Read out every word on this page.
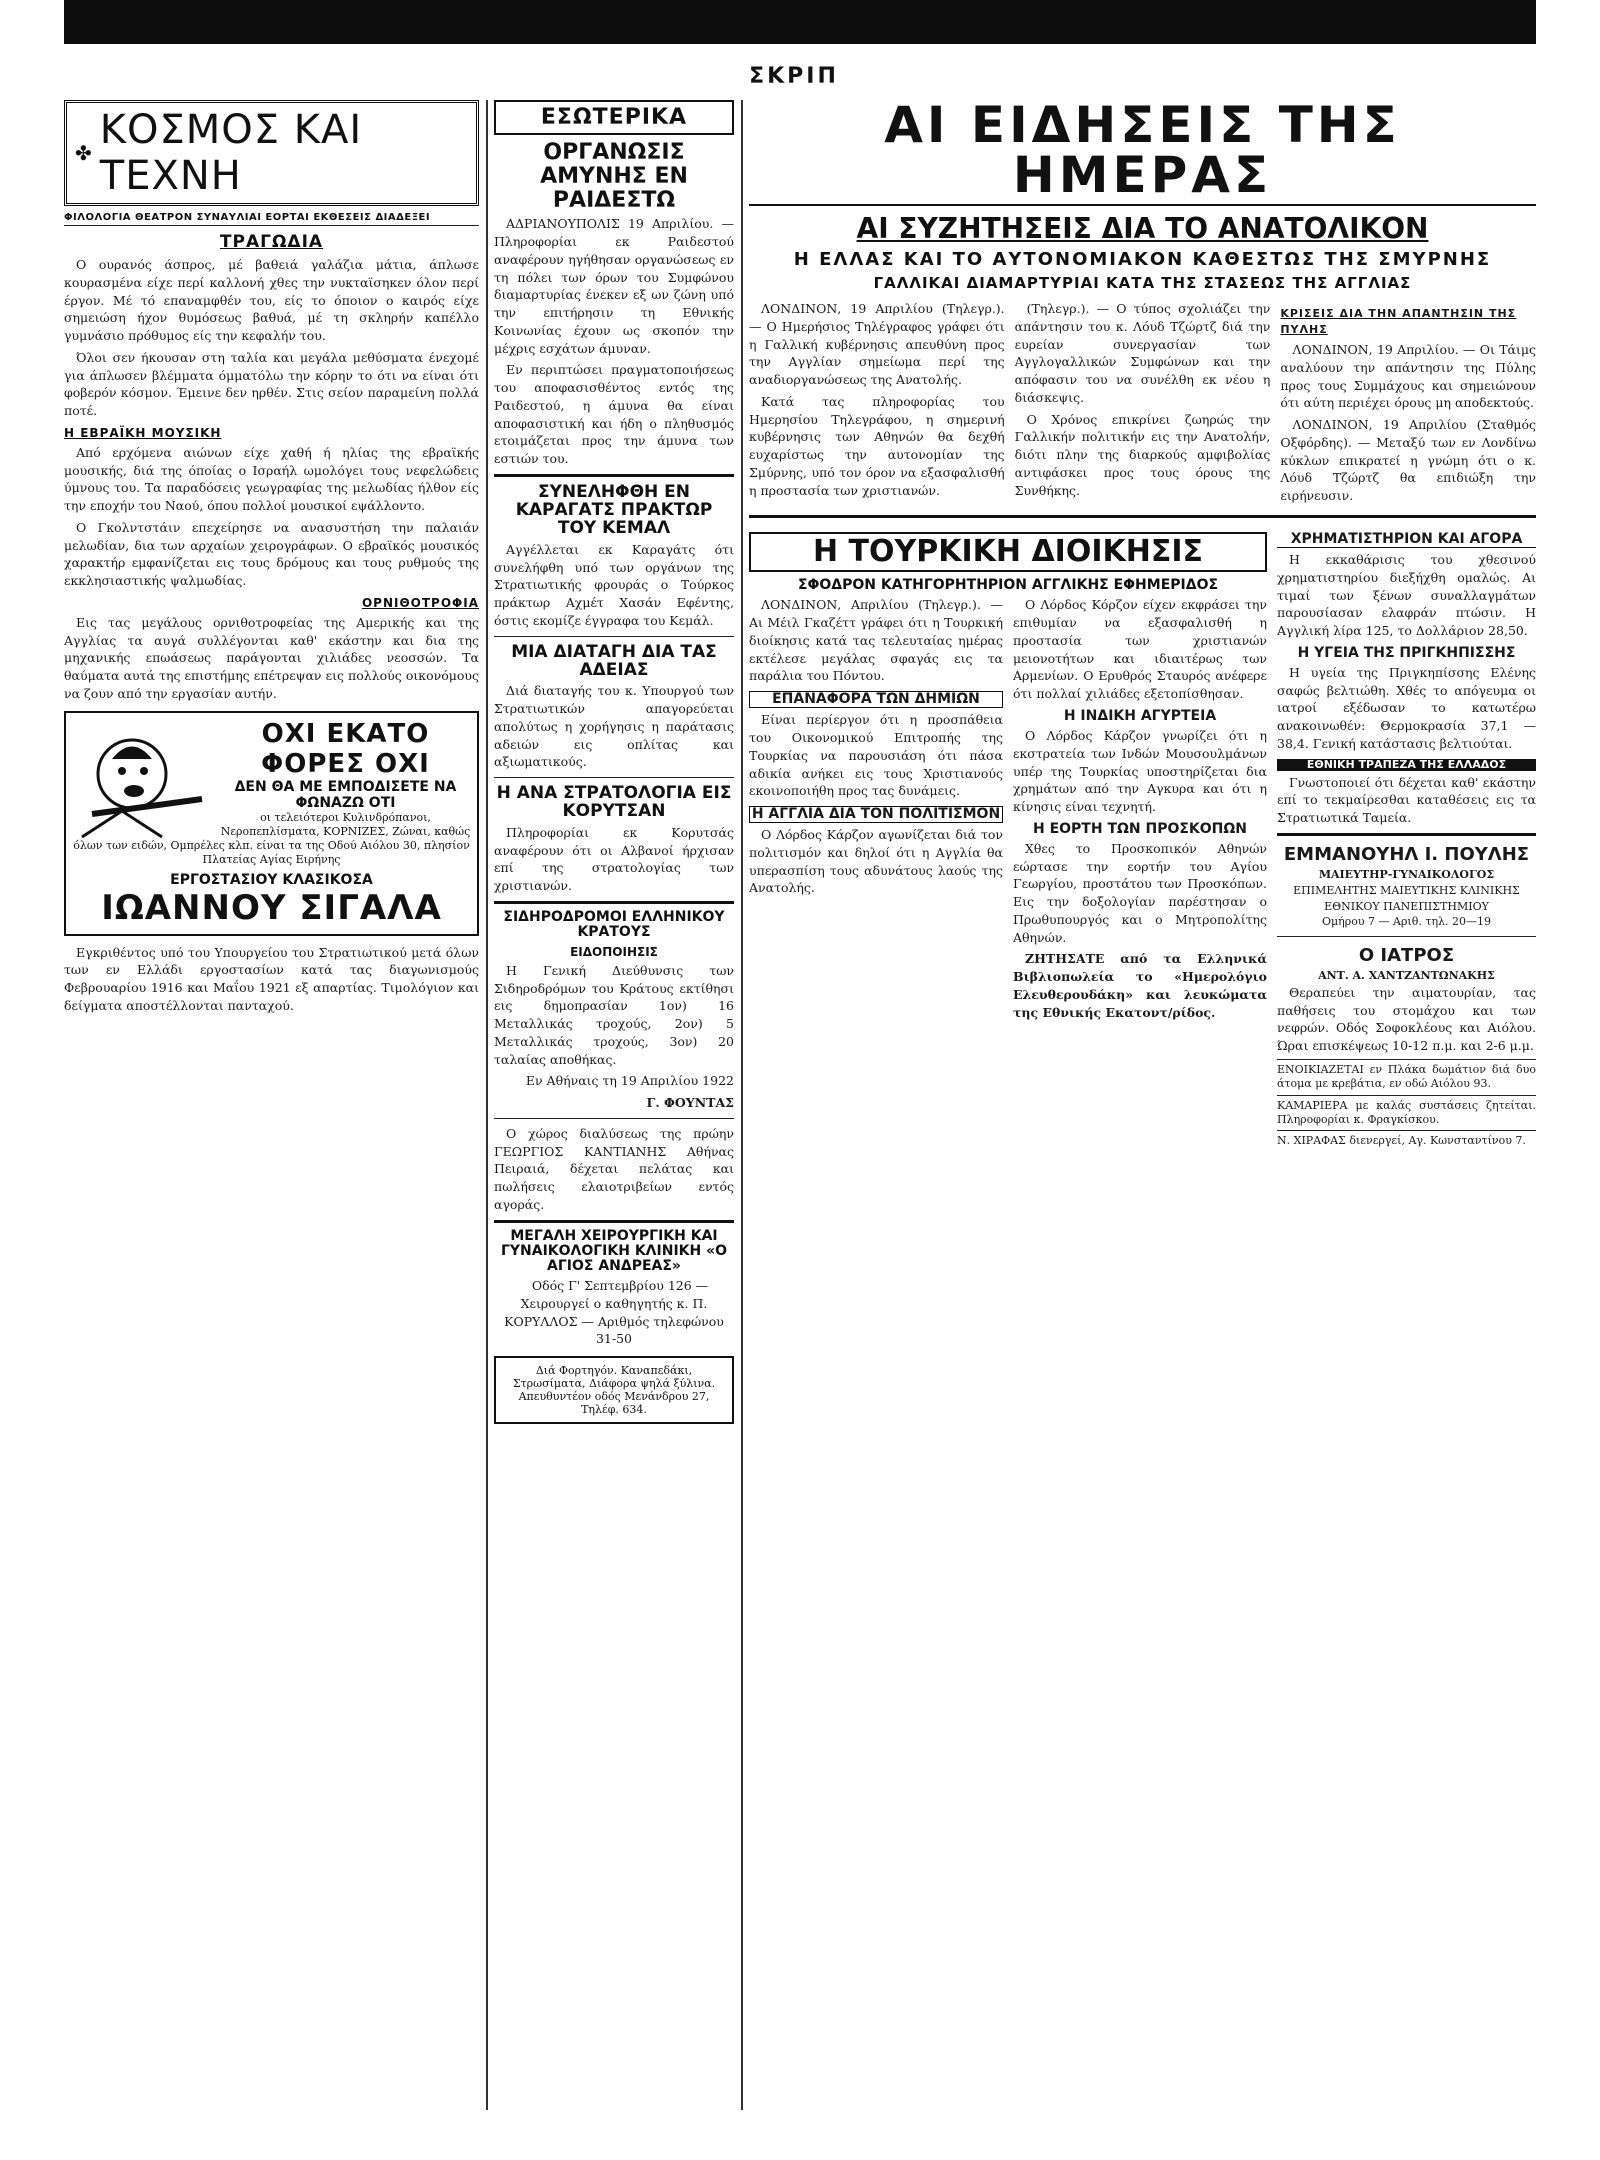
ΣΚΡΙΠ
✤ ΚΟΣΜΟΣ ΚΑΙ ΤΕΧΝΗ
ΦΙΛΟΛΟΓΙΑ ΘΕΑΤΡΟΝ ΣΥΝΑΥΛΙΑΙ ΕΟΡΤΑΙ ΕΚΘΕΣΕΙΣ ΔΙΑΔΕΞΕΙ
ΤΡΑΓΩΔΙΑ

Ο ουρανός άσπρος, μέ βαθειά γαλάζια μάτια, άπλωσε κουρασμένα είχε περί καλλονή χθες την νυκταϊσηκεν όλον περί έργον. Μέ τό επαναμφθέν του, είς το όποιον ο καιρός είχε σημειώση ήχον θυμόσεως βαθυά, μέ τη σκληρήν καπέλλο γυμνάσιο πρόθυμος είς την κεφαλήν του.

Όλοι σεν ήκουσαν στη ταλία και μεγάλα μεθύσματα ένεχομέ για άπλωσεν βλέμματα όμματόλω την κόρην το ότι να είναι ότι φοβερόν κόσμον. Έμεινε δεν ηρθέν. Στις σείον παραμείνη πολλά ποτέ.

Η ΕΒΡΑΪΚΗ ΜΟΥΣΙΚΗ

Από ερχόμενα αιώνων είχε χαθή ή ηλίας της εβραϊκής μουσικής, διά της όποίας ο Ισραήλ ωμολόγει τους νεφελώδεις ύμνους του. Τα παραδόσεις γεωγραφίας της μελωδίας ήλθον είς την εποχήν του Ναού, όπου πολλοί μουσικοί εψάλλοντο.

Ο Γκολντστάιν επεχείρησε να ανασυστήση την παλαιάν μελωδίαν, δια των αρχαίων χειρογράφων. Ο εβραϊκός μουσικός χαρακτήρ εμφανίζεται εις τους δρόμους και τους ρυθμούς της εκκλησιαστικής ψαλμωδίας.

ΟΡΝΙΘΟΤΡΟΦΙΑ

Εις τας μεγάλους ορνιθοτροφείας της Αμερικής και της Αγγλίας τα αυγά συλλέγονται καθ' εκάστην και δια της μηχανικής επωάσεως παράγονται χιλιάδες νεοσσών. Τα θαύματα αυτά της επιστήμης επέτρεψαν εις πολλούς οικονόμους να ζουν από την εργασίαν αυτήν.

ΟΧΙ ΕΚΑΤΟ ΦΟΡΕΣ ΟΧΙ
ΔΕΝ ΘΑ ΜΕ ΕΜΠΟΔΙΣΕΤΕ ΝΑ ΦΩΝΑΖΩ ΟΤΙ
οι τελειότεροι Κυλινδρόπανοι, Νεροπεπλίσματα, ΚΟΡΝΙΖΕΣ, Ζώναι, καθώς όλων των ειδών, Ομπρέλες κλπ. είναι τα της Οδού Αιόλου 30, πλησίον Πλατείας Αγίας Ειρήνης
ΕΡΓΟΣΤΑΣΙΟΥ ΚΛΑΣΙΚΟΣΑ
ΙΩΑΝΝΟΥ ΣΙΓΑΛΑ

Εγκριθέντος υπό του Υπουργείου του Στρατιωτικού μετά όλων των εν Ελλάδι εργοστασίων κατά τας διαγωνισμούς Φεβρουαρίου 1916 και Μαΐου 1921 εξ απαρτίας. Τιμολόγιον και δείγματα αποστέλλονται πανταχού.

ΕΣΩΤΕΡΙΚΑ
ΟΡΓΑΝΩΣΙΣ ΑΜΥΝΗΣ ΕΝ ΡΑΙΔΕΣΤΩ

ΑΔΡΙΑΝΟΥΠΟΛΙΣ 19 Απριλίου. — Πληροφορίαι εκ Ραιδεστού αναφέρουν ηγήθησαν οργανώσεως εν τη πόλει των όρων του Συμφώνου διαμαρτυρίας ένεκεν εξ ων ζώνη υπό την επιτήρησιν τη Εθνικής Κοινωνίας έχουν ως σκοπόν την μέχρις εσχάτων άμυναν.

Εν περιπτώσει πραγματοποιήσεως του αποφασισθέντος εντός της Ραιδεστού, η άμυνα θα είναι αποφασιστική και ήδη ο πληθυσμός ετοιμάζεται προς την άμυνα των εστιών του.

ΣΥΝΕΛΗΦΘΗ ΕΝ ΚΑΡΑΓΑΤΣ ΠΡΑΚΤΩΡ ΤΟΥ ΚΕΜΑΛ

Αγγέλλεται εκ Καραγάτς ότι συνελήφθη υπό των οργάνων της Στρατιωτικής φρουράς ο Τούρκος πράκτωρ Αχμέτ Χασάν Εφέντης, όστις εκομίζε έγγραφα του Κεμάλ.

ΜΙΑ ΔΙΑΤΑΓΗ ΔΙΑ ΤΑΣ ΑΔΕΙΑΣ

Διά διαταγής του κ. Υπουργού των Στρατιωτικών απαγορεύεται απολύτως η χορήγησις η παράτασις αδειών εις οπλίτας και αξιωματικούς.

Η ΑΝΑ ΣΤΡΑΤΟΛΟΓΙΑ ΕΙΣ ΚΟΡΥΤΣΑΝ

Πληροφορίαι εκ Κορυτσάς αναφέρουν ότι οι Αλβανοί ήρχισαν επί της στρατολογίας των χριστιανών.

ΣΙΔΗΡΟΔΡΟΜΟΙ ΕΛΛΗΝΙΚΟΥ ΚΡΑΤΟΥΣ
ΕΙΔΟΠΟΙΗΣΙΣ

Η Γενική Διεύθυνσις των Σιδηροδρόμων του Κράτους εκτίθησι εις δημοπρασίαν 1ον) 16 Μεταλλικάς τροχούς, 2ον) 5 Μεταλλικάς τροχούς, 3ον) 20 ταλαίας αποθήκας.

Εν Αθήναις τη 19 Απριλίου 1922

Γ. ΦΟΥΝΤΑΣ

Ο χώρος διαλύσεως της πρώην ΓΕΩΡΓΙΟΣ ΚΑΝΤΙΑΝΗΣ Αθήνας Πειραιά, δέχεται πελάτας και πωλήσεις ελαιοτριβείων εντός αγοράς.

ΜΕΓΑΛΗ ΧΕΙΡΟΥΡΓΙΚΗ ΚΑΙ ΓΥΝΑΙΚΟΛΟΓΙΚΗ ΚΛΙΝΙΚΗ «Ο ΑΓΙΟΣ ΑΝΔΡΕΑΣ»

Οδός Γ' Σεπτεμβρίου 126 — Χειρουργεί ο καθηγητής κ. Π. ΚΟΡΥΛΛΟΣ — Αριθμός τηλεφώνου 31-50

Διά Φορτηγόν. Καναπεδάκι, Στρωσίματα, Διάφορα ψηλά ξύλινα. Απευθυντέον οδός Μενάνδρου 27, Τηλέφ. 634.
ΑΙ ΕΙΔΗΣΕΙΣ ΤΗΣ ΗΜΕΡΑΣ
ΑΙ ΣΥΖΗΤΗΣΕΙΣ ΔΙΑ ΤΟ ΑΝΑΤΟΛΙΚΟΝ
Η ΕΛΛΑΣ ΚΑΙ ΤΟ ΑΥΤΟΝΟΜΙΑΚΟΝ ΚΑΘΕΣΤΩΣ ΤΗΣ ΣΜΥΡΝΗΣ
ΓΑΛΛΙΚΑΙ ΔΙΑΜΑΡΤΥΡΙΑΙ ΚΑΤΑ ΤΗΣ ΣΤΑΣΕΩΣ ΤΗΣ ΑΓΓΛΙΑΣ

ΛΟΝΔΙΝΟΝ, 19 Απριλίου (Τηλεγρ.). — Ο Ημερήσιος Τηλέγραφος γράφει ότι η Γαλλική κυβέρνησις απευθύνη προς την Αγγλίαν σημείωμα περί της αναδιοργανώσεως της Ανατολής.

Κατά τας πληροφορίας του Ημερησίου Τηλεγράφου, η σημερινή κυβέρνησις των Αθηνών θα δεχθή ευχαρίστως την αυτονομίαν της Σμύρνης, υπό τον όρον να εξασφαλισθή η προστασία των χριστιανών.

(Τηλεγρ.). — Ο τύπος σχολιάζει την απάντησιν του κ. Λόυδ Τζώρτζ διά την ευρείαν συνεργασίαν των Αγγλογαλλικών Συμφώνων και την απόφασιν του να συνέλθη εκ νέου η διάσκεψις.

Ο Χρόνος επικρίνει ζωηρώς την Γαλλικήν πολιτικήν εις την Ανατολήν, διότι πλην της διαρκούς αμφιβολίας αντιφάσκει προς τους όρους της Συνθήκης.

ΚΡΙΣΕΙΣ ΔΙΑ ΤΗΝ ΑΠΑΝΤΗΣΙΝ ΤΗΣ ΠΥΛΗΣ

ΛΟΝΔΙΝΟΝ, 19 Απριλίου. — Οι Τάιμς αναλύουν την απάντησιν της Πύλης προς τους Συμμάχους και σημειώνουν ότι αύτη περιέχει όρους μη αποδεκτούς.

ΛΟΝΔΙΝΟΝ, 19 Απριλίου (Σταθμός Οξφόρδης). — Μεταξύ των εν Λονδίνω κύκλων επικρατεί η γνώμη ότι ο κ. Λόυδ Τζώρτζ θα επιδιώξη την ειρήνευσιν.

Η ΤΟΥΡΚΙΚΗ ΔΙΟΙΚΗΣΙΣ
ΣΦΟΔΡΟΝ ΚΑΤΗΓΟΡΗΤΗΡΙΟΝ ΑΓΓΛΙΚΗΣ ΕΦΗΜΕΡΙΔΟΣ

ΛΟΝΔΙΝΟΝ, Απριλίου (Τηλεγρ.). — Αι Μέιλ Γκαζέττ γράφει ότι η Τουρκική διοίκησις κατά τας τελευταίας ημέρας εκτέλεσε μεγάλας σφαγάς εις τα παράλια του Πόντου.

ΕΠΑΝΑΦΟΡΑ ΤΩΝ ΔΗΜΙΩΝ

Είναι περίεργον ότι η προσπάθεια του Οικονομικού Επιτροπής της Τουρκίας να παρουσιάση ότι πάσα αδικία ανήκει εις τους Χριστιανούς εκοινοποιήθη προς τας δυνάμεις.

Η ΑΓΓΛΙΑ ΔΙΑ ΤΟΝ ΠΟΛΙΤΙΣΜΟΝ

Ο Λόρδος Κάρζον αγωνίζεται διά τον πολιτισμόν και δηλοί ότι η Αγγλία θα υπερασπίση τους αδυνάτους λαούς της Ανατολής.

Ο Λόρδος Κόρζον είχεν εκφράσει την επιθυμίαν να εξασφαλισθή η προστασία των χριστιανών μειονοτήτων και ιδιαιτέρως των Αρμενίων. Ο Ερυθρός Σταυρός ανέφερε ότι πολλαί χιλιάδες εξετοπίσθησαν.

Η ΙΝΔΙΚΗ ΑΓΥΡΤΕΙΑ

Ο Λόρδος Κάρζον γνωρίζει ότι η εκστρατεία των Ινδών Μουσουλμάνων υπέρ της Τουρκίας υποστηρίζεται δια χρημάτων από την Αγκυρα και ότι η κίνησις είναι τεχνητή.

Η ΕΟΡΤΗ ΤΩΝ ΠΡΟΣΚΟΠΩΝ

Χθες το Προσκοπικόν Αθηνών εώρτασε την εορτήν του Αγίου Γεωργίου, προστάτου των Προσκόπων. Εις την δοξολογίαν παρέστησαν ο Πρωθυπουργός και ο Μητροπολίτης Αθηνών.

ΖΗΤΗΣΑΤΕ από τα Ελληνικά Βιβλιοπωλεία το «Ημερολόγιο Ελευθερουδάκη» και λευκώματα της Εθνικής Εκατοντ/ρίδος.

ΧΡΗΜΑΤΙΣΤΗΡΙΟΝ ΚΑΙ ΑΓΟΡΑ

Η εκκαθάρισις του χθεσινού χρηματιστηρίου διεξήχθη ομαλώς. Αι τιμαί των ξένων συναλλαγμάτων παρουσίασαν ελαφράν πτώσιν. Η Αγγλική λίρα 125, το Δολλάριον 28,50.

Η ΥΓΕΙΑ ΤΗΣ ΠΡΙΓΚΗΠΙΣΣΗΣ

Η υγεία της Πριγκηπίσσης Ελένης σαφώς βελτιώθη. Χθές το απόγευμα οι ιατροί εξέδωσαν το κατωτέρω ανακοινωθέν: Θερμοκρασία 37,1 — 38,4. Γενική κατάστασις βελτιούται.

ΕΘΝΙΚΗ ΤΡΑΠΕΖΑ ΤΗΣ ΕΛΛΑΔΟΣ

Γνωστοποιεί ότι δέχεται καθ' εκάστην επί το τεκμαίρεσθαι καταθέσεις εις τα Στρατιωτικά Ταμεία.

ΕΜΜΑΝΟΥΗΛ Ι. ΠΟΥΛΗΣ
ΜΑΙΕΥΤΗΡ-ΓΥΝΑΙΚΟΛΟΓΟΣ
ΕΠΙΜΕΛΗΤΗΣ ΜΑΙΕΥΤΙΚΗΣ ΚΛΙΝΙΚΗΣ ΕΘΝΙΚΟΥ ΠΑΝΕΠΙΣΤΗΜΙΟΥ
Ομήρου 7 — Αριθ. τηλ. 20—19
Ο ΙΑΤΡΟΣ
ΑΝΤ. Α. ΧΑΝΤΖΑΝΤΩΝΑΚΗΣ

Θεραπεύει την αιματουρίαν, τας παθήσεις του στομάχου και των νεφρών. Οδός Σοφοκλέους και Αιόλου. Ώραι επισκέψεως 10-12 π.μ. και 2-6 μ.μ.

ΕΝΟΙΚΙΑΖΕΤΑΙ εν Πλάκα δωμάτιον διά δυο άτομα με κρεβάτια, εν οδώ Αιόλου 93.
ΚΑΜΑΡΙΕΡΑ με καλάς συστάσεις ζητείται. Πληροφορίαι κ. Φραγκίσκου.
Ν. ΧΙΡΑΦΑΣ διενεργεί, Αγ. Κωνσταντίνου 7.
